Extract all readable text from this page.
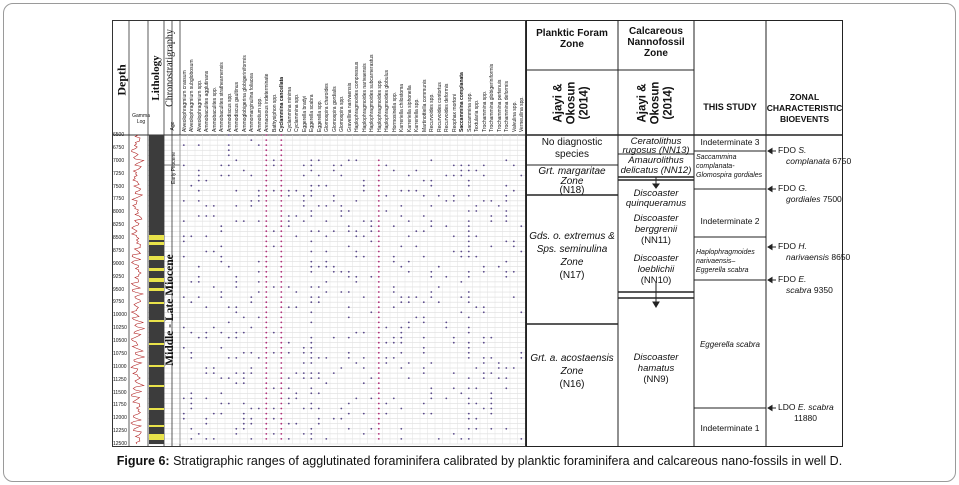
Planktic Foram Zone
Calcareous Nannofossil Zone
Ajayi & Okosun (2014)	Ajayi & Okosun (2014)	THIS STUDY
ZONAL CHARACTERISTIC BIOEVENTS
No diagnostic
species
Grt. margaritae
Zone
(N18)
Gds. o. extremus &
Sps. seminulina
Zone
(N17)
Grt. a. acostaensis
Zone
(N16)
Ceratolithus
rugosus (NN13)
Amaurolithus
delicatus (NN12)
Discoaster
quinqueramus
Discoaster
berggrenii
(NN11)
Discoaster
loeblichii
(NN10)
Discoaster
hamatus
(NN9)
Indeterminate 3
Saccammina
complanata-
Glomospira gordiales
Indeterminate 2
Haplophragmoides
narivaensis–
Eggerella scabra
Eggerella scabra
Indeterminate 1
FDO S.
complanata 6750
FDO G.
gordiales 7500
FDO H.
narivaensis 8650
FDO E.
scabra 9350
LDO E. scabra
11880
Depth
Gamma Log
Lithology Chronostratigraphy
Age
Middle - Late Miocene
Early Pliocene
6500
6750
7000
7250
7500
7750
8000
8250
8500
8750
9000
9250
9500
9750
10000
10250
10500
10750
11000
11250
11500
11750
12000
12250
12500
Alveolophragmium crassum Alveolophragmium subglobosum Alveolophragmium spp. Ammobaculites agglutinans Ammobaculites spp. Ammobaculites strathearnensis Ammodiscus spp. Ammodiscus gaultinus Ammoglobigerina globigeriniformis Ammomarginulina foliacea Ammotium spp. Arenaceous indeterminate Bathysiphon spp. Cyclammina cancellata Cyclammina minima Cyclammina spp. Eggerella bradyi Eggerella scabra Eggerella spp. Glomospira charoides Glomospira gordialis Glomospira spp. Gravellina narivaensis Haplophragmoides compressus Haplophragmoides narivaensis Haplophragmoides subcarnerastus Haplophragmoides spp. Haplophragmoides globulus Hormosinella spp. Karreriella chilostoma Karreriella siphonella Karreriella spp. Martinottiella communis Recurvoides spp. Recurvoides contortus Recurvoides deformis Reophax mortoni Saccammina complanata Saccammina spp. Textularia spp. Trochammina spp. Trochammina globigeriniformis Trochammina pertenuis Trochammina deformis Valvulina spp. Verneuilina spp.
Figure 6: Stratigraphic ranges of agglutinated foraminifera calibrated by planktic foraminifera and calcareous nano-fossils in well D.
